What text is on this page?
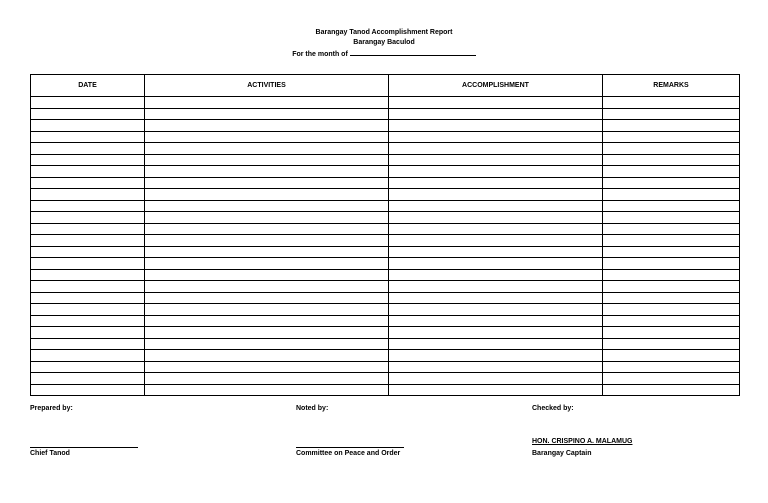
Barangay Tanod Accomplishment Report
Barangay Baculod
For the month of
DATE	ACTIVITIES	ACCOMPLISHMENT	REMARKS

Prepared by:	Noted by:	Checked by:
Chief Tanod	Committee on Peace and Order
HON. CRISPINO A. MALAMUG
Barangay Captain
